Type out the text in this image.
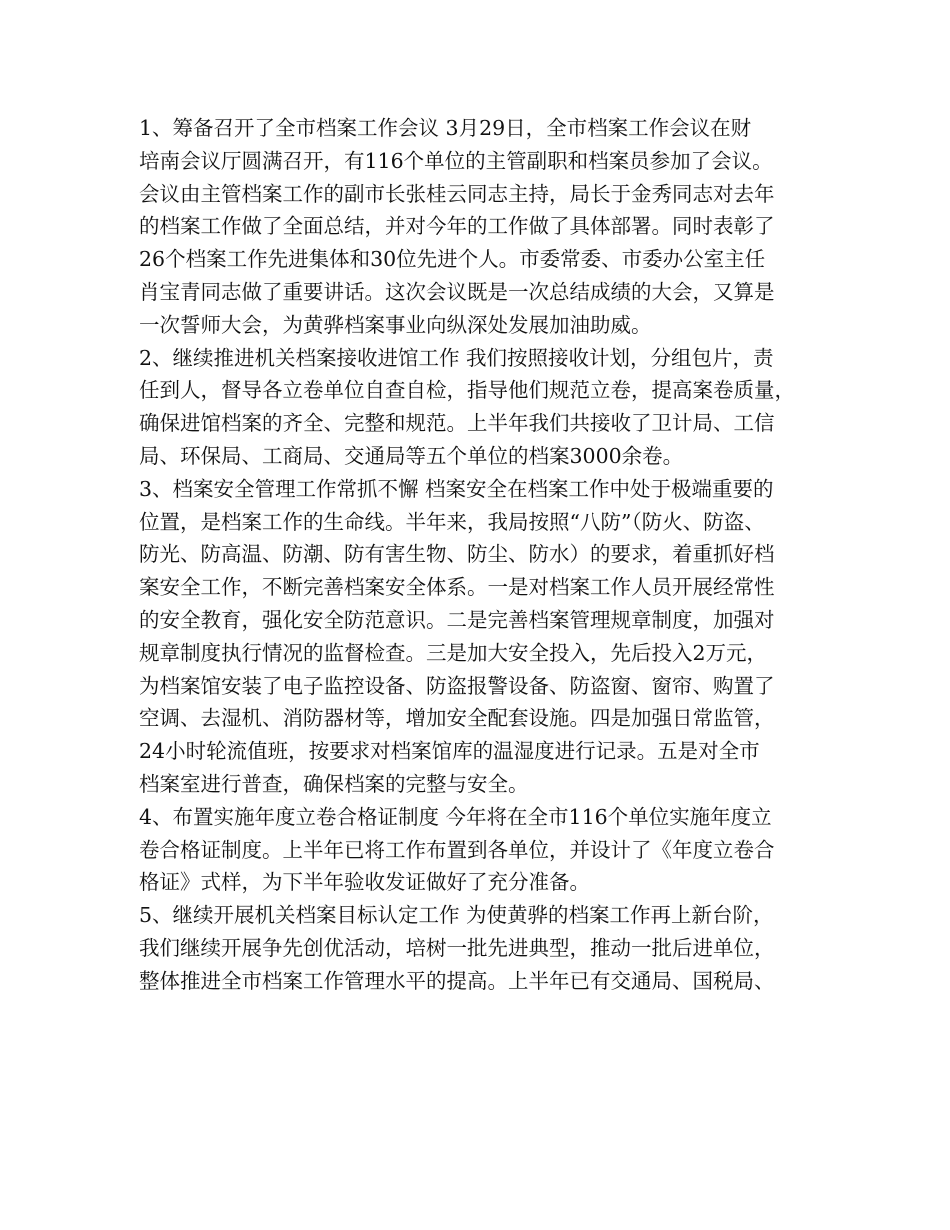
1、筹备召开了全市档案工作会议 3月29日，全市档案工作会议在财
培南会议厅圆满召开，有116个单位的主管副职和档案员参加了会议。
会议由主管档案工作的副市长张桂云同志主持，局长于金秀同志对去年
的档案工作做了全面总结，并对今年的工作做了具体部署。同时表彰了
26个档案工作先进集体和30位先进个人。市委常委、市委办公室主任
肖宝青同志做了重要讲话。这次会议既是一次总结成绩的大会，又算是
一次誓师大会，为黄骅档案事业向纵深处发展加油助威。
2、继续推进机关档案接收进馆工作 我们按照接收计划，分组包片，责
任到人，督导各立卷单位自查自检，指导他们规范立卷，提高案卷质量，
确保进馆档案的齐全、完整和规范。上半年我们共接收了卫计局、工信
局、环保局、工商局、交通局等五个单位的档案3000余卷。
3、档案安全管理工作常抓不懈 档案安全在档案工作中处于极端重要的
位置，是档案工作的生命线。半年来，我局按照“八防”（防火、防盗、
防光、防高温、防潮、防有害生物、防尘、防水）的要求，着重抓好档
案安全工作，不断完善档案安全体系。一是对档案工作人员开展经常性
的安全教育，强化安全防范意识。二是完善档案管理规章制度，加强对
规章制度执行情况的监督检查。三是加大安全投入，先后投入2万元，
为档案馆安装了电子监控设备、防盗报警设备、防盗窗、窗帘、购置了
空调、去湿机、消防器材等，增加安全配套设施。四是加强日常监管，
24小时轮流值班，按要求对档案馆库的温湿度进行记录。五是对全市
档案室进行普查，确保档案的完整与安全。
4、布置实施年度立卷合格证制度 今年将在全市116个单位实施年度立
卷合格证制度。上半年已将工作布置到各单位，并设计了《年度立卷合
格证》式样，为下半年验收发证做好了充分准备。
5、继续开展机关档案目标认定工作 为使黄骅的档案工作再上新台阶，
我们继续开展争先创优活动，培树一批先进典型，推动一批后进单位，
整体推进全市档案工作管理水平的提高。上半年已有交通局、国税局、
